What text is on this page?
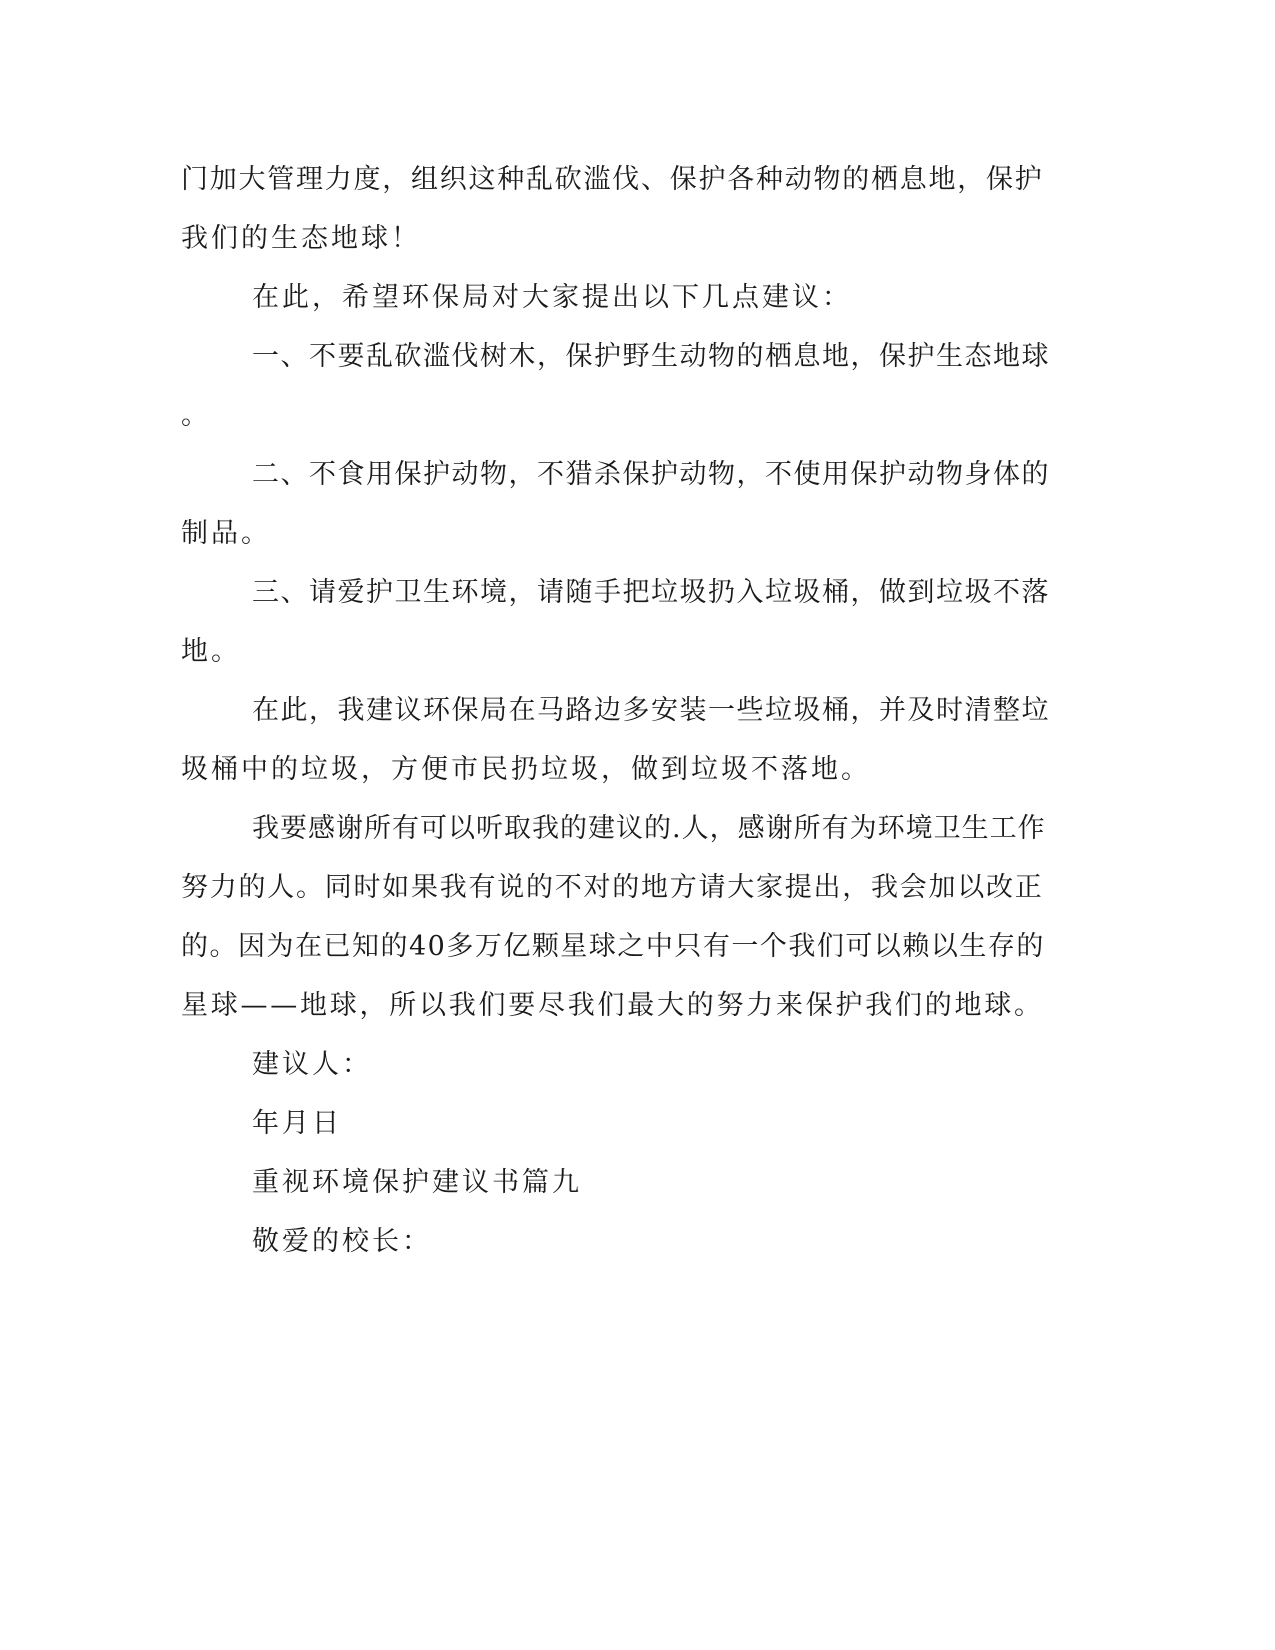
门加大管理力度，组织这种乱砍滥伐、保护各种动物的栖息地，保护

我们的生态地球！

在此，希望环保局对大家提出以下几点建议：

一、不要乱砍滥伐树木，保护野生动物的栖息地，保护生态地球

。

二、不食用保护动物，不猎杀保护动物，不使用保护动物身体的

制品。

三、请爱护卫生环境，请随手把垃圾扔入垃圾桶，做到垃圾不落

地。

在此，我建议环保局在马路边多安装一些垃圾桶，并及时清整垃

圾桶中的垃圾，方便市民扔垃圾，做到垃圾不落地。

我要感谢所有可以听取我的建议的.人，感谢所有为环境卫生工作

努力的人。同时如果我有说的不对的地方请大家提出，我会加以改正

的。因为在已知的40多万亿颗星球之中只有一个我们可以赖以生存的

星球——地球，所以我们要尽我们最大的努力来保护我们的地球。

建议人：

年月日

重视环境保护建议书篇九

敬爱的校长：
